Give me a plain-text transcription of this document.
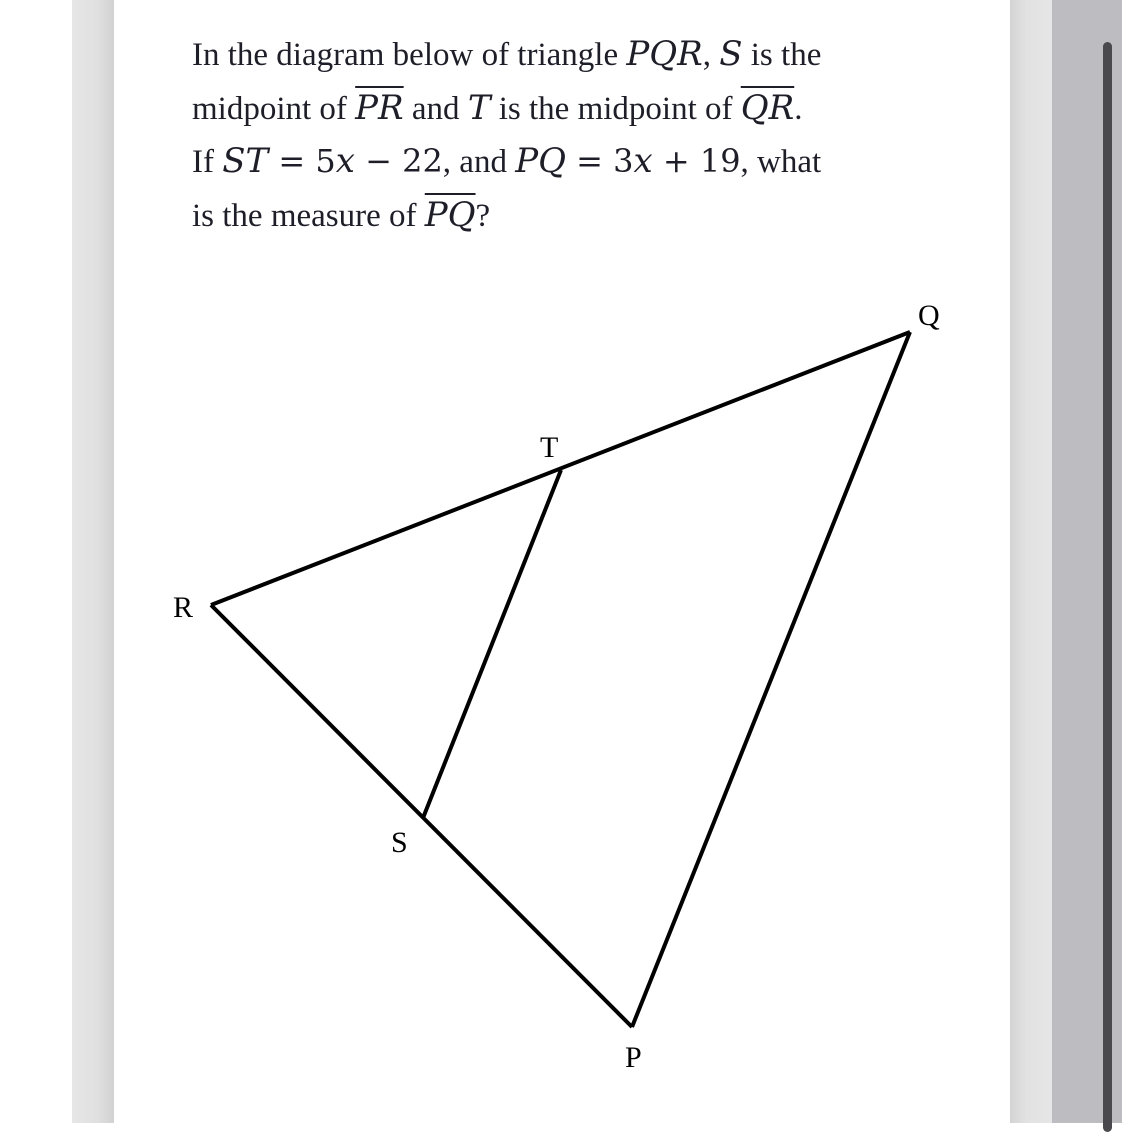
In the diagram below of triangle PQR, S is the
midpoint of $\overline{PR}$ and T is the midpoint of $\overline{QR}$.
If ST = 5x − 22, and PQ = 3x + 19, what
is the measure of $\overline{PQ}$?
Q
T
R
S
P
